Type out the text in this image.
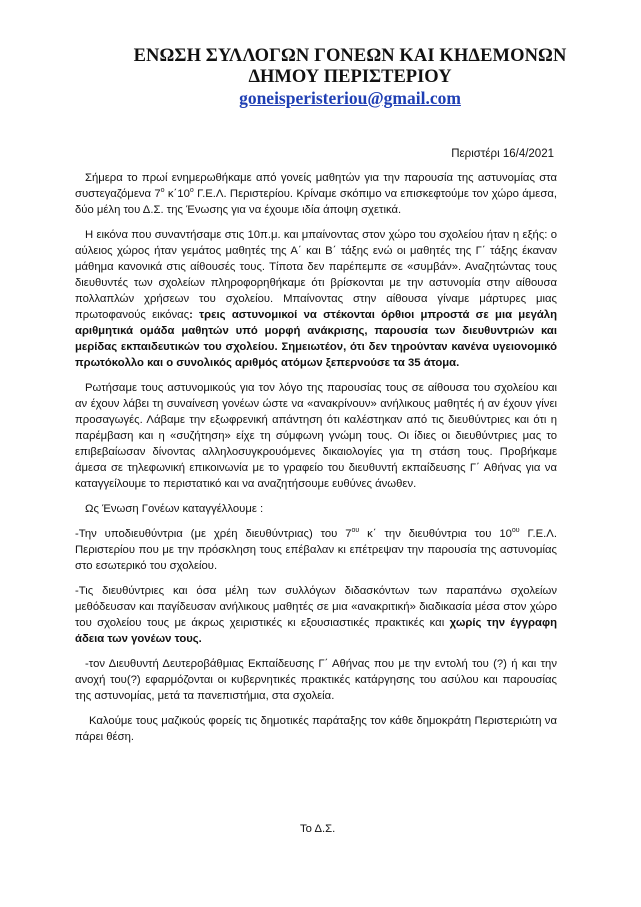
ΕΝΩΣΗ ΣΥΛΛΟΓΩΝ ΓΟΝΕΩΝ ΚΑΙ ΚΗΔΕΜΟΝΩΝ
ΔΗΜΟΥ ΠΕΡΙΣΤΕΡΙΟΥ
goneisperisteriou@gmail.com
Περιστέρι 16/4/2021

Σήμερα το πρωί ενημερωθήκαμε από γονείς μαθητών για την παρουσία της αστυνομίας στα συστεγαζόμενα $7^o$ $\kappa΄10^o$ Γ.Ε.Λ. Περιστερίου. Κρίναμε σκόπιμο να επισκεφτούμε τον χώρο άμεσα, δύο μέλη του Δ.Σ. της Ένωσης για να έχουμε ιδία άποψη σχετικά.

Η εικόνα που συναντήσαμε στις 10π.μ. και μπαίνοντας στον χώρο του σχολείου ήταν η εξής: ο αύλειος χώρος ήταν γεμάτος μαθητές της Α΄ και Β΄ τάξης ενώ οι μαθητές της Γ΄ τάξης έκαναν μάθημα κανονικά στις αίθουσές τους. Τίποτα δεν παρέπεμπε σε «συμβάν». Αναζητώντας τους διευθυντές των σχολείων πληροφορηθήκαμε ότι βρίσκονται με την αστυνομία στην αίθουσα πολλαπλών χρήσεων του σχολείου. Μπαίνοντας στην αίθουσα γίναμε μάρτυρες μιας πρωτοφανούς εικόνας: τρεις αστυνομικοί να στέκονται όρθιοι μπροστά σε μια μεγάλη αριθμητικά ομάδα μαθητών υπό μορφή ανάκρισης, παρουσία των διευθυντριών και μερίδας εκπαιδευτικών του σχολείου. Σημειωτέον, ότι δεν τηρούνταν κανένα υγειονομικό πρωτόκολλο και ο συνολικός αριθμός ατόμων ξεπερνούσε τα 35 άτομα.

Ρωτήσαμε τους αστυνομικούς για τον λόγο της παρουσίας τους σε αίθουσα του σχολείου και αν έχουν λάβει τη συναίνεση γονέων ώστε να «ανακρίνουν» ανήλικους μαθητές ή αν έχουν γίνει προσαγωγές. Λάβαμε την εξωφρενική απάντηση ότι καλέστηκαν από τις διευθύντριες και ότι η παρέμβαση και η «συζήτηση» είχε τη σύμφωνη γνώμη τους. Οι ίδιες οι διευθύντριες μας το επιβεβαίωσαν δίνοντας αλληλοσυγκρουόμενες δικαιολογίες για τη στάση τους. Προβήκαμε άμεσα σε τηλεφωνική επικοινωνία με το γραφείο του διευθυντή εκπαίδευσης Γ΄ Αθήνας για να καταγγείλουμε το περιστατικό και να αναζητήσουμε ευθύνες άνωθεν.

Ως Ένωση Γονέων καταγγέλλουμε :

-Την υποδιευθύντρια (με χρέη διευθύντριας) του $7^{o\upsilon}$ κ΄ την διευθύντρια του $10^{o\upsilon}$ Γ.Ε.Λ. Περιστερίου που με την πρόσκληση τους επέβαλαν κι επέτρεψαν την παρουσία της αστυνομίας στο εσωτερικό του σχολείου.

-Τις διευθύντριες και όσα μέλη των συλλόγων διδασκόντων των παραπάνω σχολείων μεθόδευσαν και παγίδευσαν ανήλικους μαθητές σε μια «ανακριτική» διαδικασία μέσα στον χώρο του σχολείου τους με άκρως χειριστικές κι εξουσιαστικές πρακτικές και χωρίς την έγγραφη άδεια των γονέων τους.

-τον Διευθυντή Δευτεροβάθμιας Εκπαίδευσης Γ΄ Αθήνας που με την εντολή του (?) ή και την ανοχή του(?) εφαρμόζονται οι κυβερνητικές πρακτικές κατάργησης του ασύλου και παρουσίας της αστυνομίας, μετά τα πανεπιστήμια, στα σχολεία.

Καλούμε τους μαζικούς φορείς τις δημοτικές παράταξης τον κάθε δημοκράτη Περιστεριώτη να πάρει θέση.

Το Δ.Σ.
